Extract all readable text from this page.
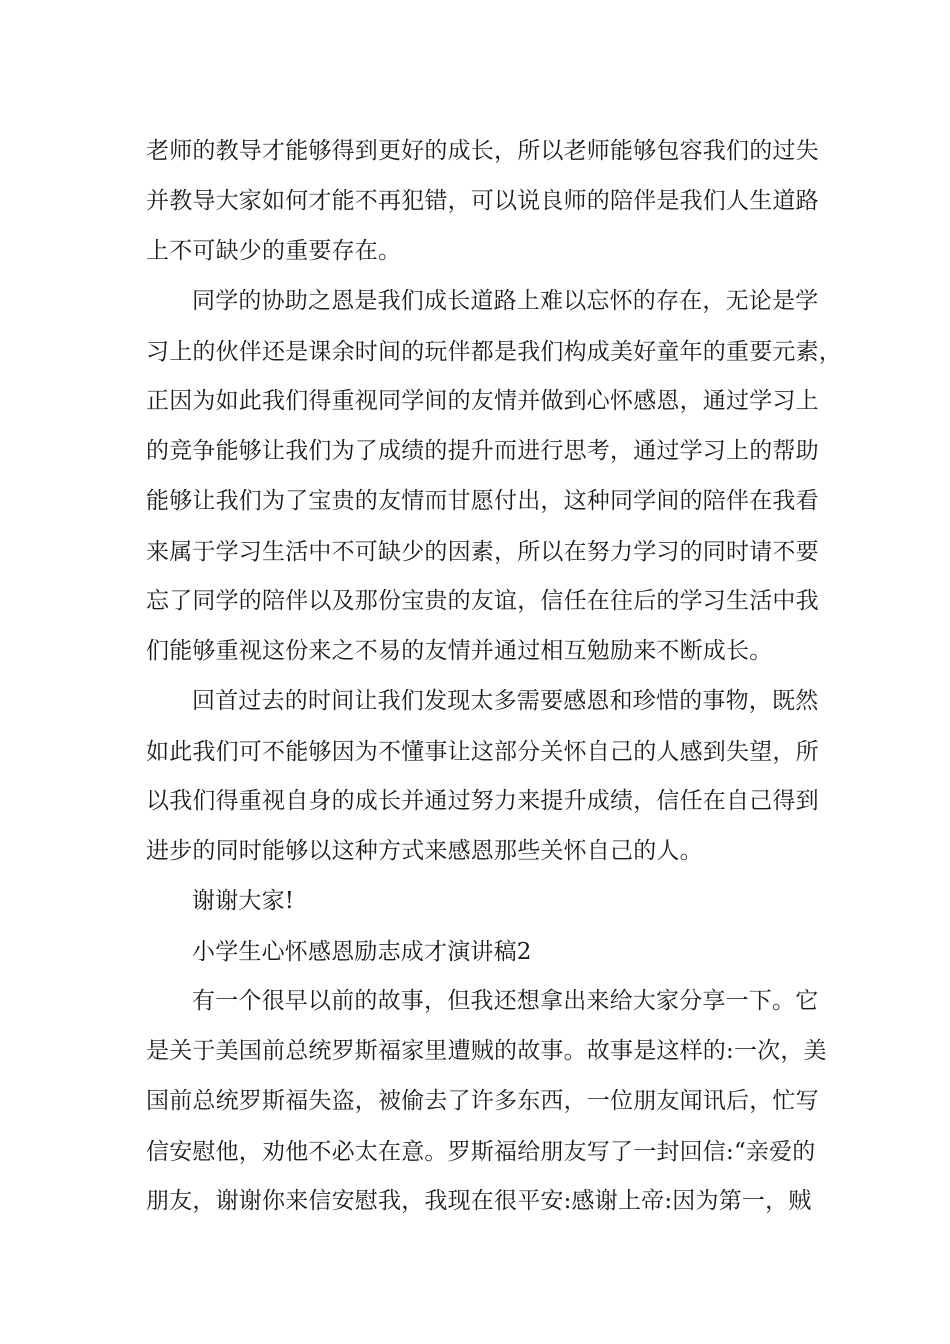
老师的教导才能够得到更好的成长，所以老师能够包容我们的过失
并教导大家如何才能不再犯错，可以说良师的陪伴是我们人生道路
上不可缺少的重要存在。
同学的协助之恩是我们成长道路上难以忘怀的存在，无论是学
习上的伙伴还是课余时间的玩伴都是我们构成美好童年的重要元素，
正因为如此我们得重视同学间的友情并做到心怀感恩，通过学习上
的竞争能够让我们为了成绩的提升而进行思考，通过学习上的帮助
能够让我们为了宝贵的友情而甘愿付出，这种同学间的陪伴在我看
来属于学习生活中不可缺少的因素，所以在努力学习的同时请不要
忘了同学的陪伴以及那份宝贵的友谊，信任在往后的学习生活中我
们能够重视这份来之不易的友情并通过相互勉励来不断成长。
回首过去的时间让我们发现太多需要感恩和珍惜的事物，既然
如此我们可不能够因为不懂事让这部分关怀自己的人感到失望，所
以我们得重视自身的成长并通过努力来提升成绩，信任在自己得到
进步的同时能够以这种方式来感恩那些关怀自己的人。
谢谢大家!
小学生心怀感恩励志成才演讲稿2
有一个很早以前的故事，但我还想拿出来给大家分享一下。它
是关于美国前总统罗斯福家里遭贼的故事。故事是这样的:一次，美
国前总统罗斯福失盗，被偷去了许多东西，一位朋友闻讯后，忙写
信安慰他，劝他不必太在意。罗斯福给朋友写了一封回信:“亲爱的
朋友，谢谢你来信安慰我，我现在很平安:感谢上帝:因为第一，贼
